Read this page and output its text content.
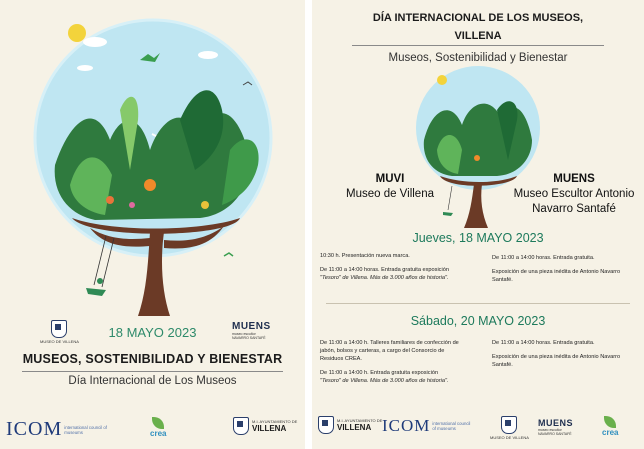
MUSEO DE VILLENA
MUENS
museo escultor
NAVARRO SANTAFÉ
18 MAYO 2023
MUSEOS, SOSTENIBILIDAD Y BIENESTAR
Día Internacional de Los Museos
ICOM international council of museums	crea
M.I. AYUNTAMIENTO DE
VILLENA
DÍA INTERNACIONAL DE LOS MUSEOS,
VILLENA
Museos, Sostenibilidad y Bienestar
MUVI
Museo de Villena
MUENS
Museo Escultor Antonio
Navarro Santafé
Jueves, 18 MAYO 2023

10:30 h. Presentación nueva marca.

De 11:00 a 14:00 horas. Entrada gratuita exposición
"Tesoro" de Villena. Más de 3.000 años de historia".

De 11:00 a 14:00 horas. Entrada gratuita.

Exposición de una pieza inédita de Antonio Navarro
Santafé.
Sábado, 20 MAYO 2023
De 11:00 a 14:00 h. Talleres familiares de confección de
jabón, bolsos y carteras, a cargo del Consorcio de

Residuos CREA.

De 11:00 a 14:00 h. Entrada gratuita exposición
"Tesoro" de Villena. Más de 3.000 años de historia".

De 11:00 a 14:00 horas. Entrada gratuita.

Exposición de una pieza inédita de Antonio Navarro
Santafé.
M.I. AYUNTAMIENTO DE
VILLENA ICOM international council of museums
MUSEO DE VILLENA
MUENS
museo escultor
NAVARRO SANTAFÉ	crea
